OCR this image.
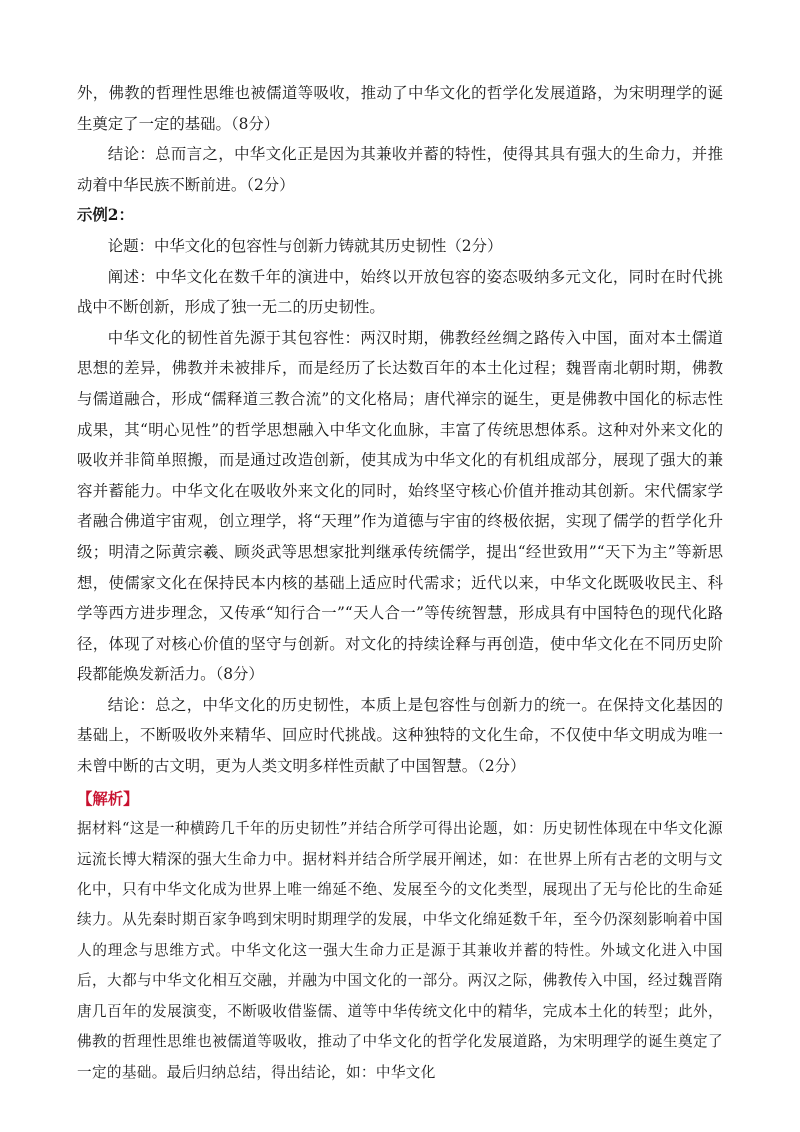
外，佛教的哲理性思维也被儒道等吸收，推动了中华文化的哲学化发展道路，为宋明理学的诞生奠定了一定的基础。（8分）

结论：总而言之，中华文化正是因为其兼收并蓄的特性，使得其具有强大的生命力，并推动着中华民族不断前进。（2分）

示例2：

论题：中华文化的包容性与创新力铸就其历史韧性（2分）

阐述：中华文化在数千年的演进中，始终以开放包容的姿态吸纳多元文化，同时在时代挑战中不断创新，形成了独一无二的历史韧性。

中华文化的韧性首先源于其包容性：两汉时期，佛教经丝绸之路传入中国，面对本土儒道思想的差异，佛教并未被排斥，而是经历了长达数百年的本土化过程；魏晋南北朝时期，佛教与儒道融合，形成“儒释道三教合流”的文化格局；唐代禅宗的诞生，更是佛教中国化的标志性成果，其“明心见性”的哲学思想融入中华文化血脉，丰富了传统思想体系。这种对外来文化的吸收并非简单照搬，而是通过改造创新，使其成为中华文化的有机组成部分，展现了强大的兼容并蓄能力。中华文化在吸收外来文化的同时，始终坚守核心价值并推动其创新。宋代儒家学者融合佛道宇宙观，创立理学，将“天理”作为道德与宇宙的终极依据，实现了儒学的哲学化升级；明清之际黄宗羲、顾炎武等思想家批判继承传统儒学，提出“经世致用”“天下为主”等新思想，使儒家文化在保持民本内核的基础上适应时代需求；近代以来，中华文化既吸收民主、科学等西方进步理念，又传承“知行合一”“天人合一”等传统智慧，形成具有中国特色的现代化路径，体现了对核心价值的坚守与创新。对文化的持续诠释与再创造，使中华文化在不同历史阶段都能焕发新活力。（8分）

结论：总之，中华文化的历史韧性，本质上是包容性与创新力的统一。在保持文化基因的基础上，不断吸收外来精华、回应时代挑战。这种独特的文化生命，不仅使中华文明成为唯一未曾中断的古文明，更为人类文明多样性贡献了中国智慧。（2分）

【解析】

据材料“这是一种横跨几千年的历史韧性”并结合所学可得出论题，如：历史韧性体现在中华文化源远流长博大精深的强大生命力中。据材料并结合所学展开阐述，如：在世界上所有古老的文明与文化中，只有中华文化成为世界上唯一绵延不绝、发展至今的文化类型，展现出了无与伦比的生命延续力。从先秦时期百家争鸣到宋明时期理学的发展，中华文化绵延数千年，至今仍深刻影响着中国人的理念与思维方式。中华文化这一强大生命力正是源于其兼收并蓄的特性。外域文化进入中国后，大都与中华文化相互交融，并融为中国文化的一部分。两汉之际，佛教传入中国，经过魏晋隋唐几百年的发展演变，不断吸收借鉴儒、道等中华传统文化中的精华，完成本土化的转型；此外，佛教的哲理性思维也被儒道等吸收，推动了中华文化的哲学化发展道路，为宋明理学的诞生奠定了一定的基础。最后归纳总结，得出结论，如：中华文化
